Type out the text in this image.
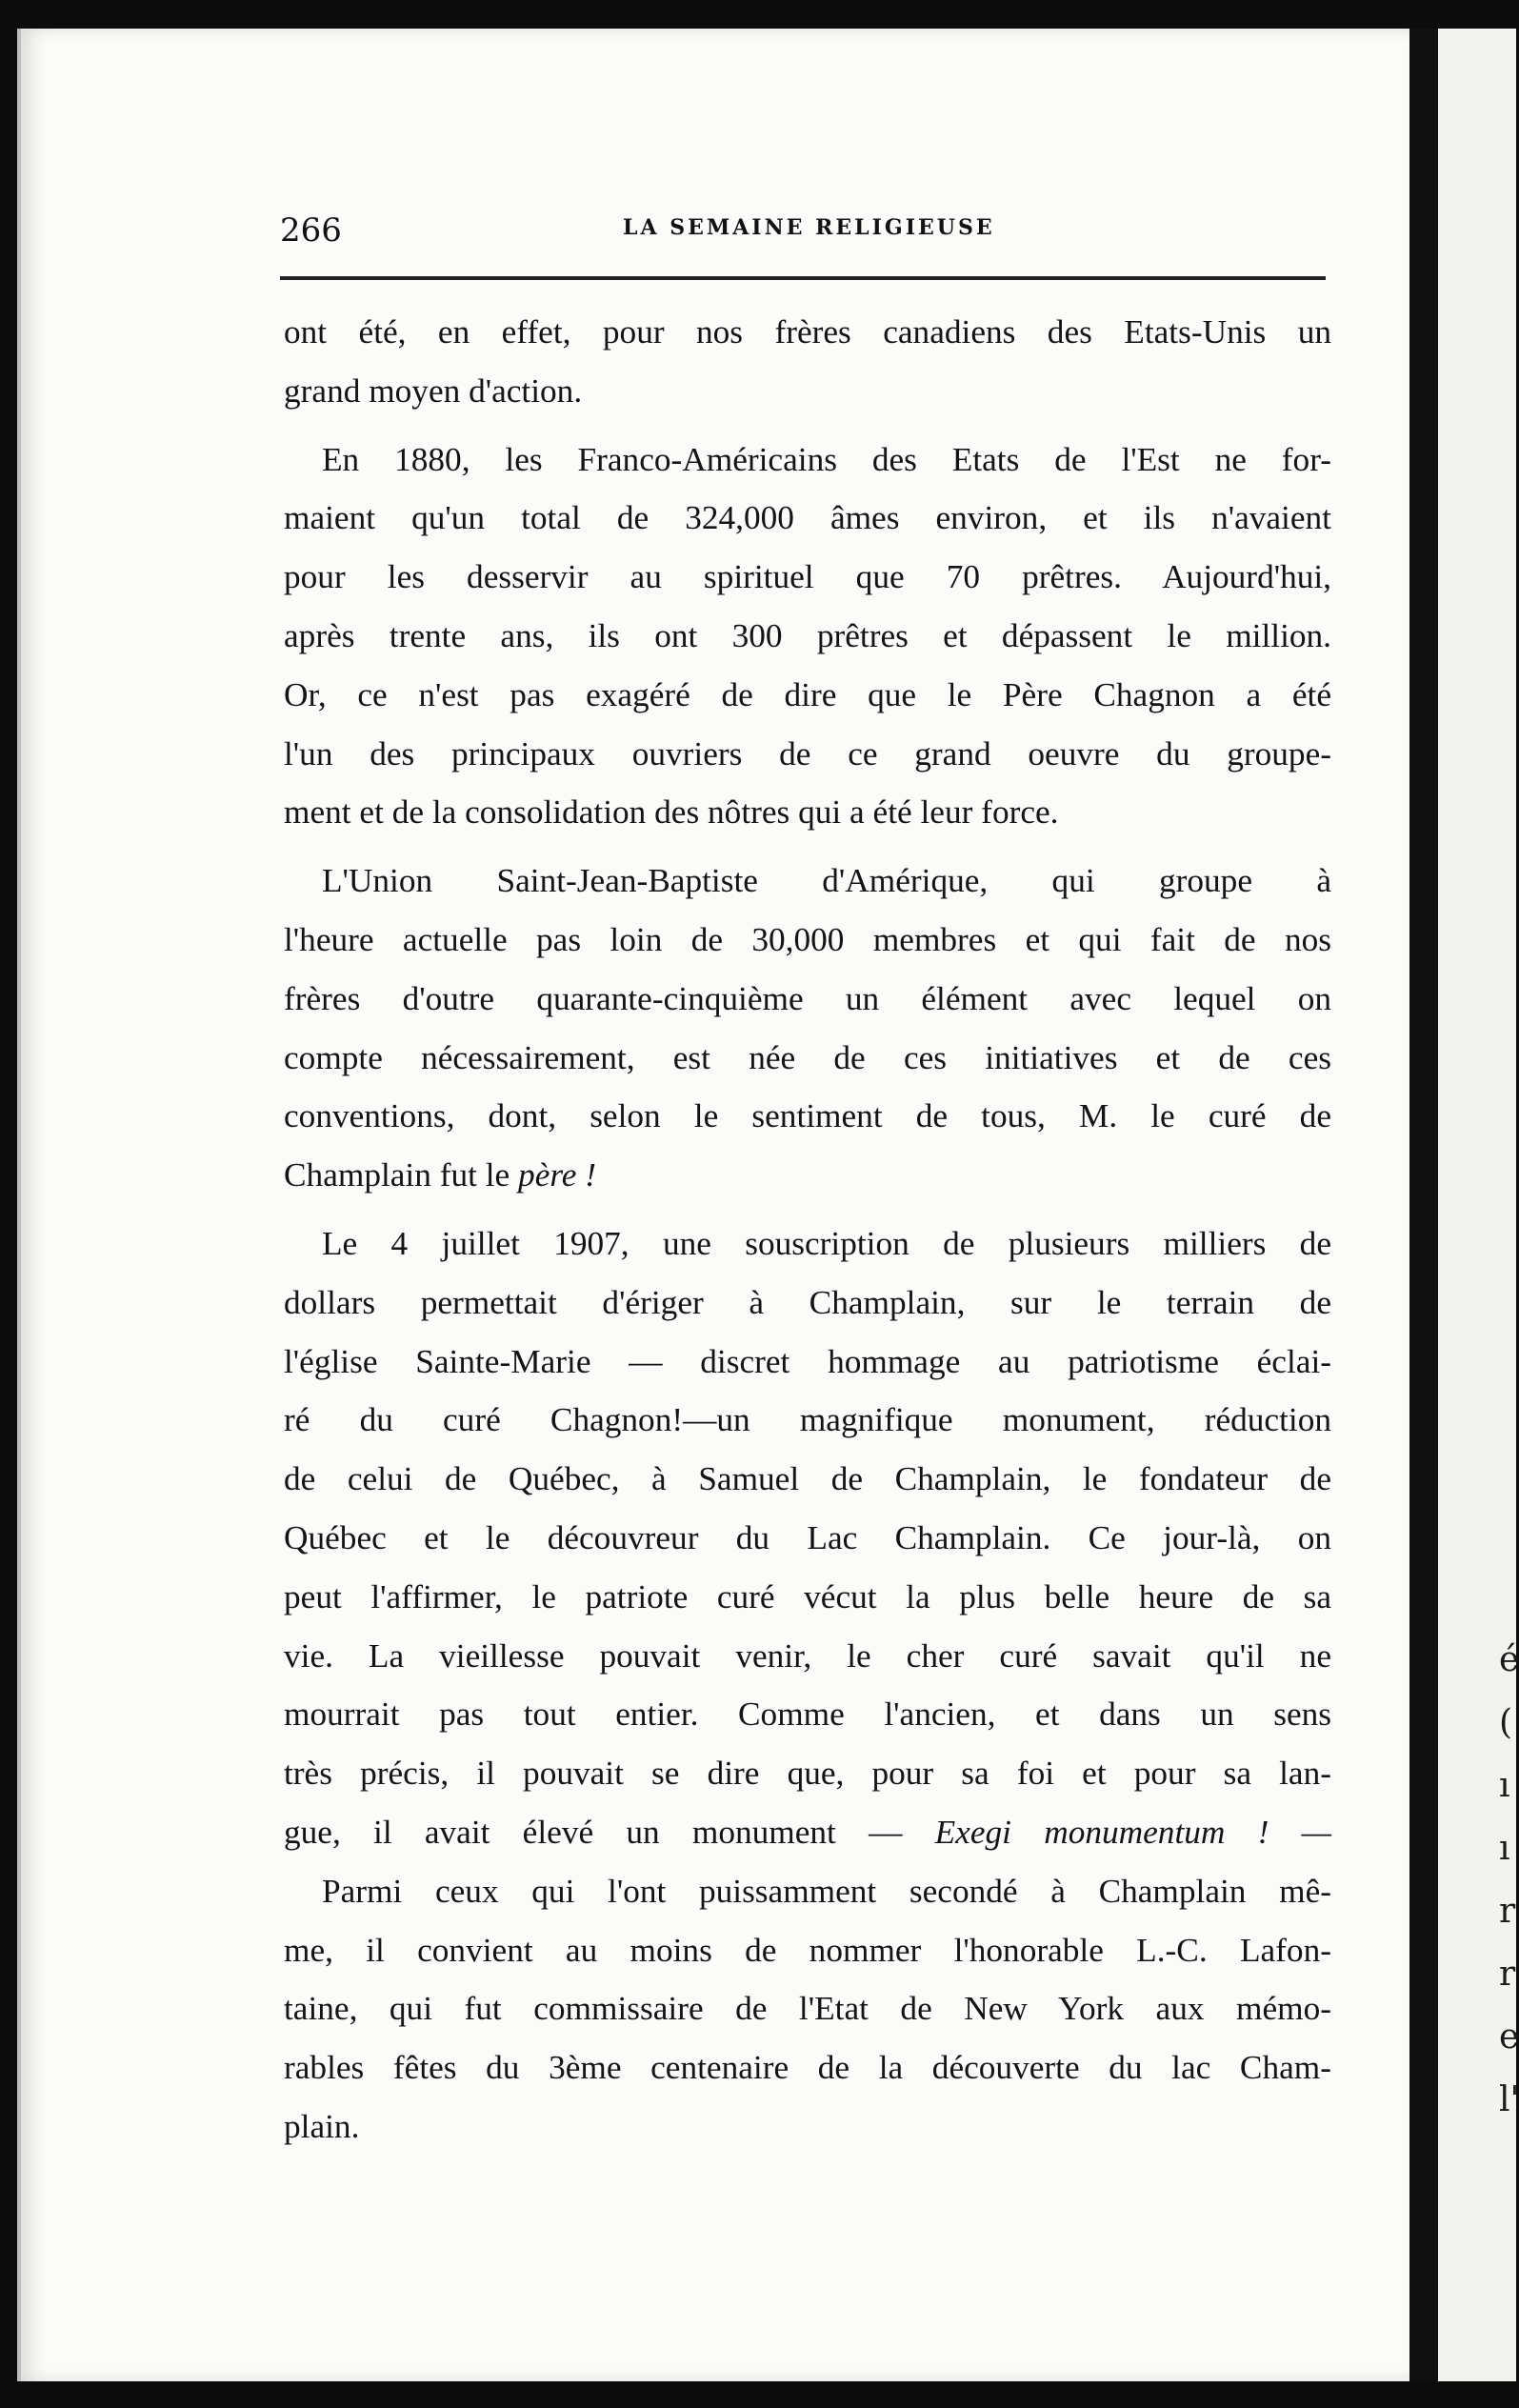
é
(
ı
ı
r
r
e
l'
266	LA SEMAINE RELIGIEUSE
ont été, en effet, pour nos frères canadiens des Etats-Unis un
grand moyen d'action.
En 1880, les Franco-Américains des Etats de l'Est ne for-
maient qu'un total de 324,000 âmes environ, et ils n'avaient
pour les desservir au spirituel que 70 prêtres. Aujourd'hui,
après trente ans, ils ont 300 prêtres et dépassent le million.
Or, ce n'est pas exagéré de dire que le Père Chagnon a été
l'un des principaux ouvriers de ce grand oeuvre du groupe-
ment et de la consolidation des nôtres qui a été leur force.
L'Union Saint-Jean-Baptiste d'Amérique, qui groupe à
l'heure actuelle pas loin de 30,000 membres et qui fait de nos
frères d'outre quarante-cinquième un élément avec lequel on
compte nécessairement, est née de ces initiatives et de ces
conventions, dont, selon le sentiment de tous, M. le curé de
Champlain fut le père !
Le 4 juillet 1907, une souscription de plusieurs milliers de
dollars permettait d'ériger à Champlain, sur le terrain de
l'église Sainte-Marie — discret hommage au patriotisme éclai-
ré du curé Chagnon!—un magnifique monument, réduction
de celui de Québec, à Samuel de Champlain, le fondateur de
Québec et le découvreur du Lac Champlain. Ce jour-là, on
peut l'affirmer, le patriote curé vécut la plus belle heure de sa
vie. La vieillesse pouvait venir, le cher curé savait qu'il ne
mourrait pas tout entier. Comme l'ancien, et dans un sens
très précis, il pouvait se dire que, pour sa foi et pour sa lan-
gue, il avait élevé un monument — Exegi monumentum ! —
Parmi ceux qui l'ont puissamment secondé à Champlain mê-
me, il convient au moins de nommer l'honorable L.-C. Lafon-
taine, qui fut commissaire de l'Etat de New York aux mémo-
rables fêtes du 3ème centenaire de la découverte du lac Cham-
plain.
